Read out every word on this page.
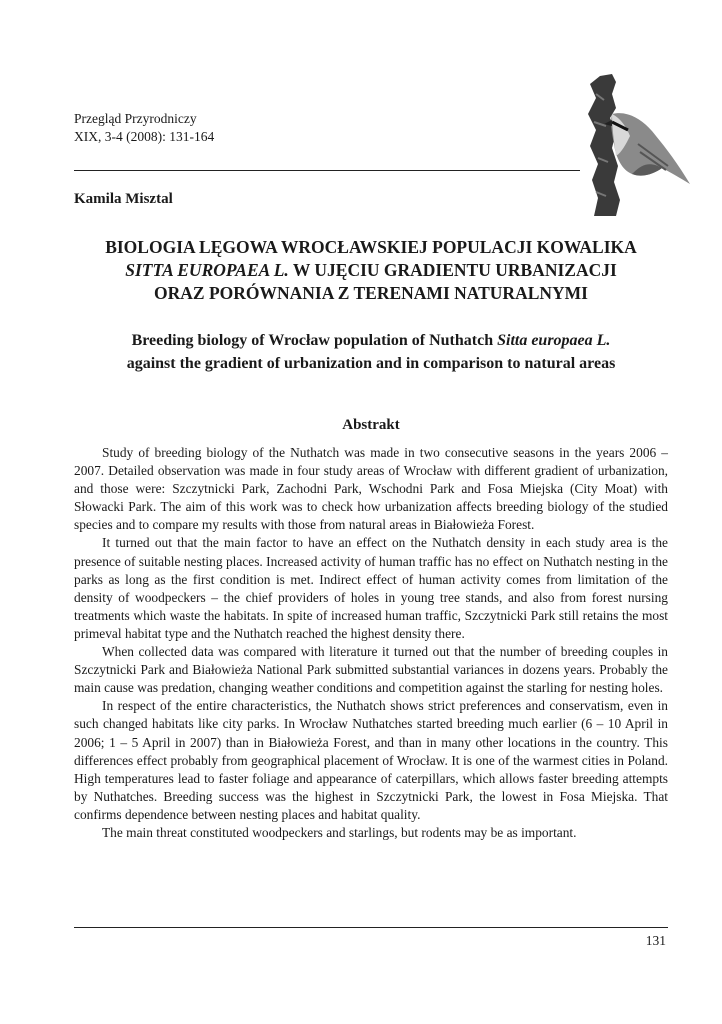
Przegląd Przyrodniczy
XIX, 3-4 (2008): 131-164
Kamila Misztal
BIOLOGIA LĘGOWA WROCŁAWSKIEJ POPULACJI KOWALIKA
SITTA EUROPAEA L. W UJĘCIU GRADIENTU URBANIZACJI
ORAZ PORÓWNANIA Z TERENAMI NATURALNYMI
Breeding biology of Wrocław population of Nuthatch Sitta europaea L.
against the gradient of urbanization and in comparison to natural areas
Abstrakt

Study of breeding biology of the Nuthatch was made in two consecutive seasons in the years 2006 – 2007. Detailed observation was made in four study areas of Wrocław with different gradient of urbanization, and those were: Szczytnicki Park, Zachodni Park, Wschodni Park and Fosa Miejska (City Moat) with Słowacki Park. The aim of this work was to check how urbanization affects breeding biology of the studied species and to compare my results with those from natural areas in Białowieża Forest.

It turned out that the main factor to have an effect on the Nuthatch density in each study area is the presence of suitable nesting places. Increased activity of human traffic has no effect on Nuthatch nesting in the parks as long as the first condition is met. Indirect effect of human activity comes from limitation of the density of woodpeckers – the chief providers of holes in young tree stands, and also from forest nursing treatments which waste the habitats. In spite of increased human traffic, Szczytnicki Park still retains the most primeval habitat type and the Nuthatch reached the highest density there.

When collected data was compared with literature it turned out that the number of breeding couples in Szczytnicki Park and Białowieża National Park submitted substantial variances in dozens years. Probably the main cause was predation, changing weather conditions and competition against the starling for nesting holes.

In respect of the entire characteristics, the Nuthatch shows strict preferences and conservatism, even in such changed habitats like city parks. In Wrocław Nuthatches started breeding much earlier (6 – 10 April in 2006; 1 – 5 April in 2007) than in Białowieża Forest, and than in many other locations in the country. This differences effect probably from geographical placement of Wrocław. It is one of the warmest cities in Poland. High temperatures lead to faster foliage and appearance of caterpillars, which allows faster breeding attempts by Nuthatches. Breeding success was the highest in Szczytnicki Park, the lowest in Fosa Miejska. That confirms dependence between nesting places and habitat quality.

The main threat constituted woodpeckers and starlings, but rodents may be as important.

131
